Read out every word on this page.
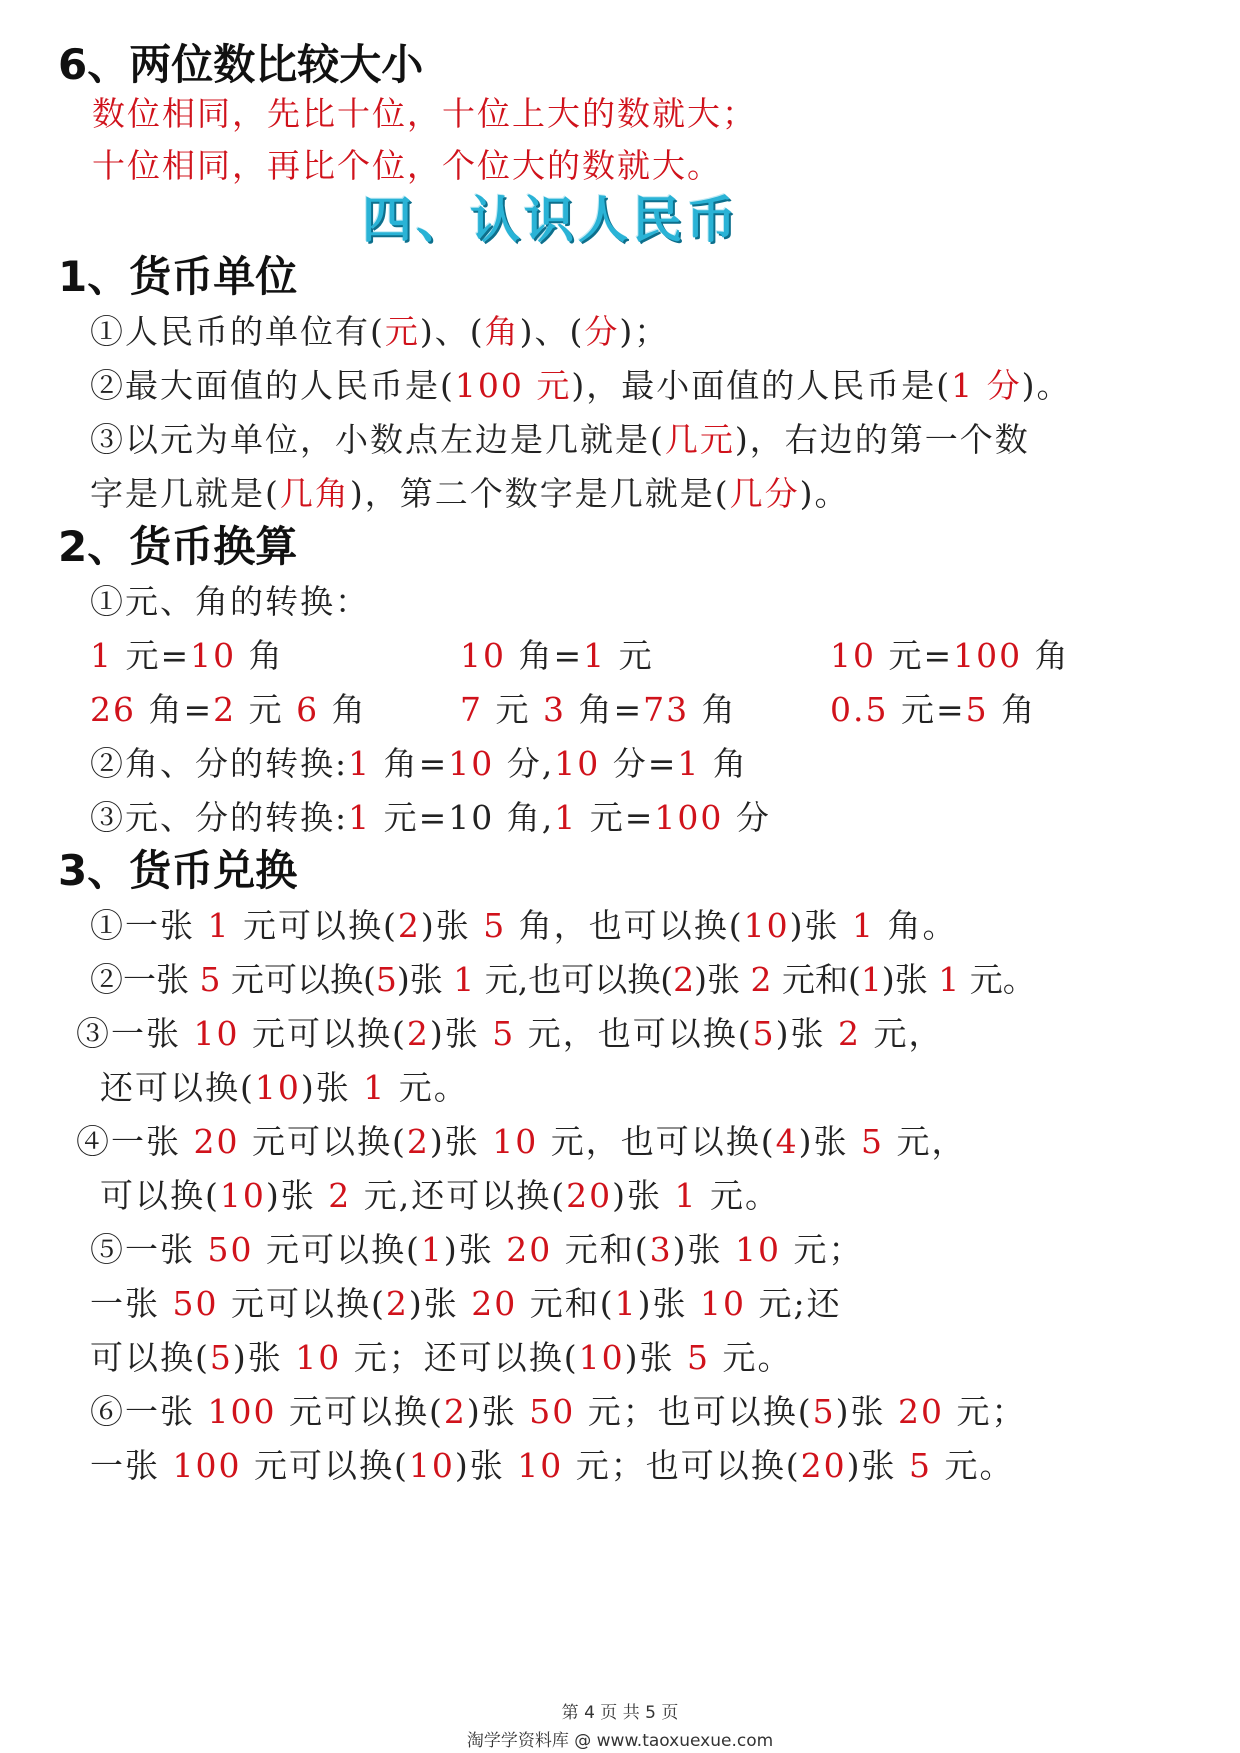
6、两位数比较大小
数位相同，先比十位，十位上大的数就大；
十位相同，再比个位，个位大的数就大。
四、认识人民币
1、货币单位
①人民币的单位有(元)、(角)、(分)；
②最大面值的人民币是(100 元)，最小面值的人民币是(1 分)。
③以元为单位，小数点左边是几就是(几元)，右边的第一个数
字是几就是(几角)，第二个数字是几就是(几分)。
2、货币换算
①元、角的转换：
1 元=10 角	10 角=1 元	10 元=100 角
26 角=2 元 6 角	7 元 3 角=73 角	0.5 元=5 角
②角、分的转换:1 角=10 分,10 分=1 角
③元、分的转换:1 元=10 角,1 元=100 分
3、货币兑换
①一张 1 元可以换(2)张 5 角，也可以换(10)张 1 角。
②一张 5 元可以换(5)张 1 元,也可以换(2)张 2 元和(1)张 1 元。
③一张 10 元可以换(2)张 5 元，也可以换(5)张 2 元，
还可以换(10)张 1 元。
④一张 20 元可以换(2)张 10 元，也可以换(4)张 5 元，
可以换(10)张 2 元,还可以换(20)张 1 元。
⑤一张 50 元可以换(1)张 20 元和(3)张 10 元；
一张 50 元可以换(2)张 20 元和(1)张 10 元;还
可以换(5)张 10 元；还可以换(10)张 5 元。
⑥一张 100 元可以换(2)张 50 元；也可以换(5)张 20 元；
一张 100 元可以换(10)张 10 元；也可以换(20)张 5 元。
第 4 页 共 5 页
淘学学资料库 @ www.taoxuexue.com
